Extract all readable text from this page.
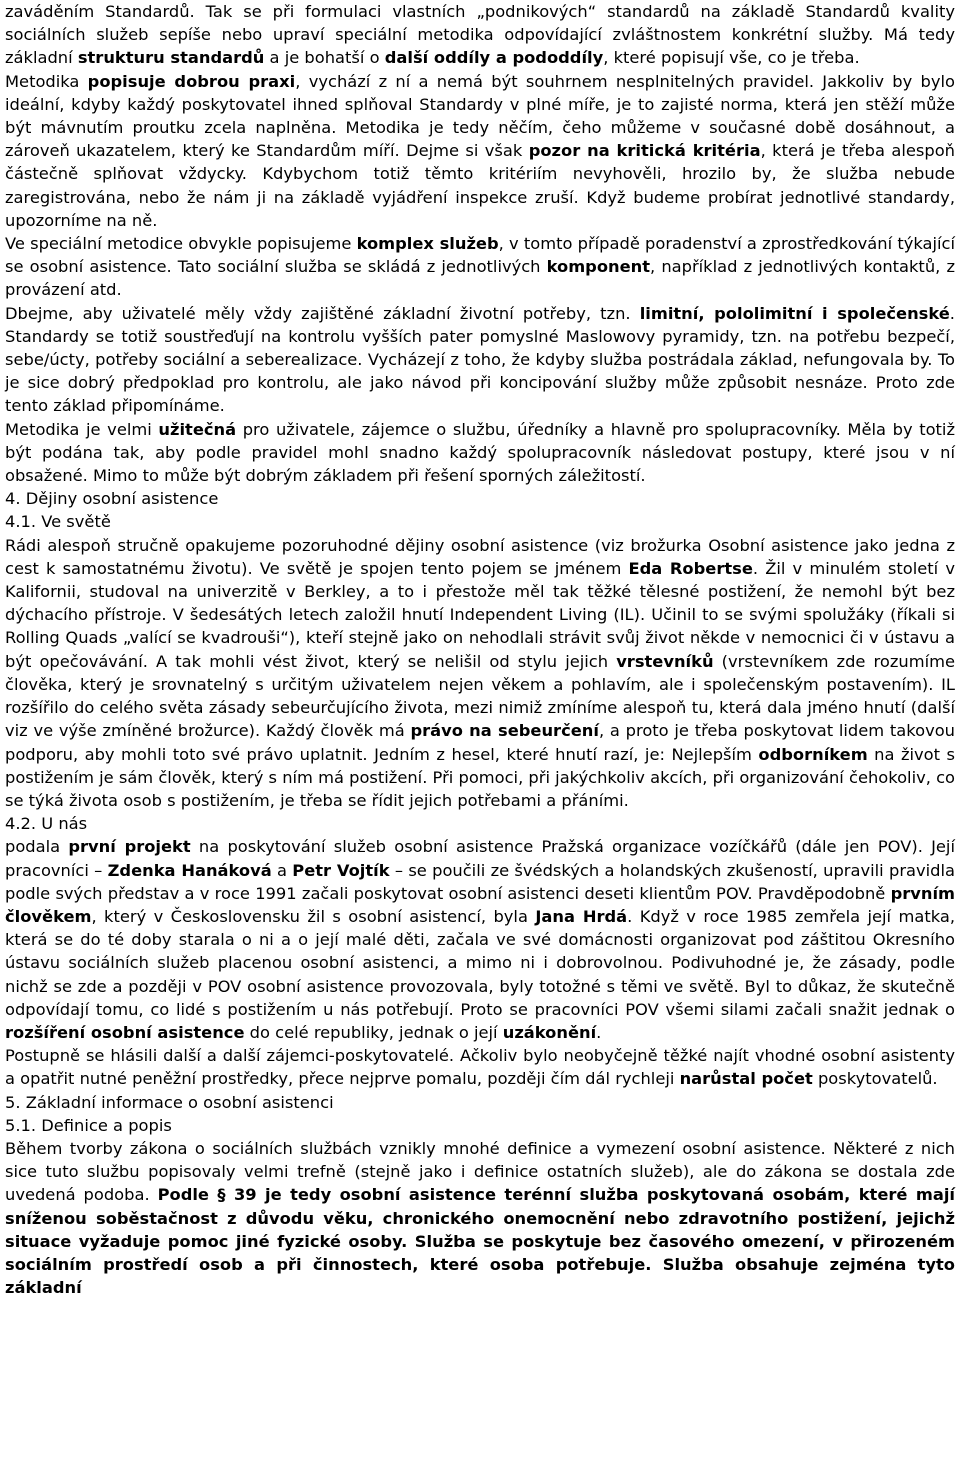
zaváděním Standardů. Tak se při formulaci vlastních „podnikových“ standardů na základě Standardů kvality sociálních služeb sepíše nebo upraví speciální metodika odpovídající zvláštnostem konkrétní služby. Má tedy základní strukturu standardů a je bohatší o další oddíly a pododdíly, které popisují vše, co je třeba.

Metodika popisuje dobrou praxi, vychází z ní a nemá být souhrnem nesplnitelných pravidel. Jakkoliv by bylo ideální, kdyby každý poskytovatel ihned splňoval Standardy v plné míře, je to zajisté norma, která jen stěží může být mávnutím proutku zcela naplněna. Metodika je tedy něčím, čeho můžeme v současné době dosáhnout, a zároveň ukazatelem, který ke Standardům míří. Dejme si však pozor na kritická kritéria, která je třeba alespoň částečně splňovat vždycky. Kdybychom totiž těmto kritériím nevyhověli, hrozilo by, že služba nebude zaregistrována, nebo že nám ji na základě vyjádření inspekce zruší. Když budeme probírat jednotlivé standardy, upozorníme na ně.

Ve speciální metodice obvykle popisujeme komplex služeb, v tomto případě poradenství a zprostředkování týkající se osobní asistence. Tato sociální služba se skládá z jednotlivých komponent, například z jednotlivých kontaktů, z provázení atd.

Dbejme, aby uživatelé měly vždy zajištěné základní životní potřeby, tzn. limitní, pololimitní i společenské. Standardy se totiž soustřeďují na kontrolu vyšších pater pomyslné Maslowovy pyramidy, tzn. na potřebu bezpečí, sebe/úcty, potřeby sociální a seberealizace. Vycházejí z toho, že kdyby služba postrádala základ, nefungovala by. To je sice dobrý předpoklad pro kontrolu, ale jako návod při koncipování služby může způsobit nesnáze. Proto zde tento základ připomínáme.

Metodika je velmi užitečná pro uživatele, zájemce o službu, úředníky a hlavně pro spolupracovníky. Měla by totiž být podána tak, aby podle pravidel mohl snadno každý spolupracovník následovat postupy, které jsou v ní obsažené. Mimo to může být dobrým základem při řešení sporných záležitostí.

4. Dějiny osobní asistence

4.1. Ve světě

Rádi alespoň stručně opakujeme pozoruhodné dějiny osobní asistence (viz brožurka Osobní asistence jako jedna z cest k samostatnému životu). Ve světě je spojen tento pojem se jménem Eda Robertse. Žil v minulém století v Kalifornii, studoval na univerzitě v Berkley, a to i přestože měl tak těžké tělesné postižení, že nemohl být bez dýchacího přístroje. V šedesátých letech založil hnutí Independent Living (IL). Učinil to se svými spolužáky (říkali si Rolling Quads „valící se kvadrouši“), kteří stejně jako on nehodlali strávit svůj život někde v nemocnici či v ústavu a být opečovávání. A tak mohli vést život, který se nelišil od stylu jejich vrstevníků (vrstevníkem zde rozumíme člověka, který je srovnatelný s určitým uživatelem nejen věkem a pohlavím, ale i společenským postavením). IL rozšířilo do celého světa zásady sebeurčujícího života, mezi nimiž zmíníme alespoň tu, která dala jméno hnutí (další viz ve výše zmíněné brožurce). Každý člověk má právo na sebeurčení, a proto je třeba poskytovat lidem takovou podporu, aby mohli toto své právo uplatnit. Jedním z hesel, které hnutí razí, je: Nejlepším odborníkem na život s postižením je sám člověk, který s ním má postižení. Při pomoci, při jakýchkoliv akcích, při organizování čehokoliv, co se týká života osob s postižením, je třeba se řídit jejich potřebami a přáními.

4.2. U nás

podala první projekt na poskytování služeb osobní asistence Pražská organizace vozíčkářů (dále jen POV). Její pracovníci – Zdenka Hanáková a Petr Vojtík – se poučili ze švédských a holandských zkušeností, upravili pravidla podle svých představ a v roce 1991 začali poskytovat osobní asistenci deseti klientům POV. Pravděpodobně prvním člověkem, který v Československu žil s osobní asistencí, byla Jana Hrdá. Když v roce 1985 zemřela její matka, která se do té doby starala o ni a o její malé děti, začala ve své domácnosti organizovat pod záštitou Okresního ústavu sociálních služeb placenou osobní asistenci, a mimo ni i dobrovolnou. Podivuhodné je, že zásady, podle nichž se zde a později v POV osobní asistence provozovala, byly totožné s těmi ve světě. Byl to důkaz, že skutečně odpovídají tomu, co lidé s postižením u nás potřebují. Proto se pracovníci POV všemi silami začali snažit jednak o rozšíření osobní asistence do celé republiky, jednak o její uzákonění.

Postupně se hlásili další a další zájemci-poskytovatelé. Ačkoliv bylo neobyčejně těžké najít vhodné osobní asistenty a opatřit nutné peněžní prostředky, přece nejprve pomalu, později čím dál rychleji narůstal počet poskytovatelů.

5. Základní informace o osobní asistenci

5.1. Definice a popis

Během tvorby zákona o sociálních službách vznikly mnohé definice a vymezení osobní asistence. Některé z nich sice tuto službu popisovaly velmi trefně (stejně jako i definice ostatních služeb), ale do zákona se dostala zde uvedená podoba. Podle § 39 je tedy osobní asistence terénní služba poskytovaná osobám, které mají sníženou soběstačnost z důvodu věku, chronického onemocnění nebo zdravotního postižení, jejichž situace vyžaduje pomoc jiné fyzické osoby. Služba se poskytuje bez časového omezení, v přirozeném sociálním prostředí osob a při činnostech, které osoba potřebuje. Služba obsahuje zejména tyto základní
